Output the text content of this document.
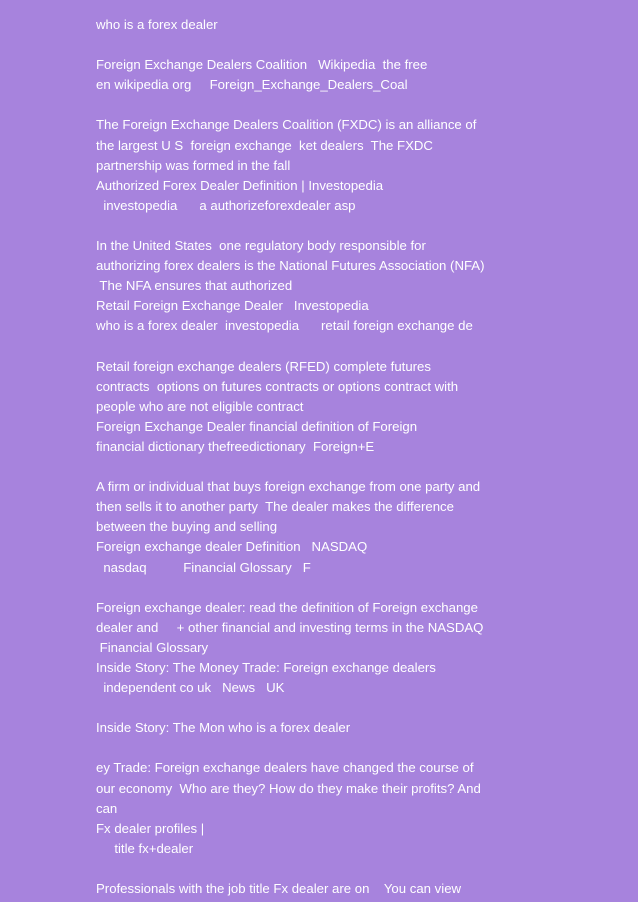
who is a forex dealer
Foreign Exchange Dealers Coalition   Wikipedia  the free
en wikipedia org     Foreign_Exchange_Dealers_Coal
The Foreign Exchange Dealers Coalition (FXDC) is an alliance of
the largest U S  foreign exchange  ket dealers  The FXDC
partnership was formed in the fall
Authorized Forex Dealer Definition | Investopedia
investopedia      a authorizeforexdealer asp
In the United States  one regulatory body responsible for
authorizing forex dealers is the National Futures Association (NFA)
The NFA ensures that authorized
Retail Foreign Exchange Dealer   Investopedia
who is a forex dealer  investopedia      retail foreign exchange de
Retail foreign exchange dealers (RFED) complete futures
contracts  options on futures contracts or options contract with
people who are not eligible contract
Foreign Exchange Dealer financial definition of Foreign
financial dictionary thefreedictionary  Foreign+E
A firm or individual that buys foreign exchange from one party and
then sells it to another party  The dealer makes the difference
between the buying and selling
Foreign exchange dealer Definition   NASDAQ
nasdaq          Financial Glossary   F
Foreign exchange dealer: read the definition of Foreign exchange
dealer and     + other financial and investing terms in the NASDAQ
Financial Glossary
Inside Story: The Money Trade: Foreign exchange dealers
independent co uk   News   UK
Inside Story: The Mon who is a forex dealer
ey Trade: Foreign exchange dealers have changed the course of
our economy  Who are they? How do they make their profits? And
can
Fx dealer profiles |
title fx+dealer
Professionals with the job title Fx dealer are on    You can view
